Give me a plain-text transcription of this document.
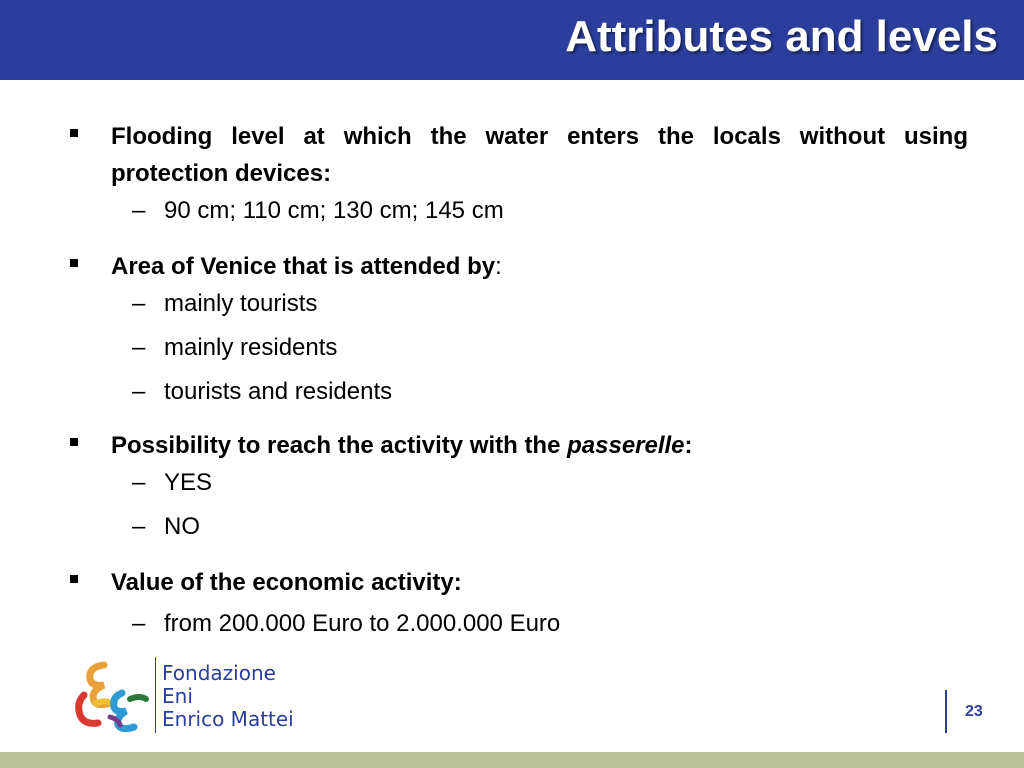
Attributes and levels
Flooding level at which the water enters the locals without using protection devices:
– 90 cm; 110 cm; 130 cm; 145 cm
Area of Venice that is attended by:
– mainly tourists
– mainly residents
– tourists and residents
Possibility to reach the activity with the passerelle:
– YES
– NO
Value of the economic activity:
– from 200.000 Euro to 2.000.000 Euro
Fondazione
Eni
Enrico Mattei	23
